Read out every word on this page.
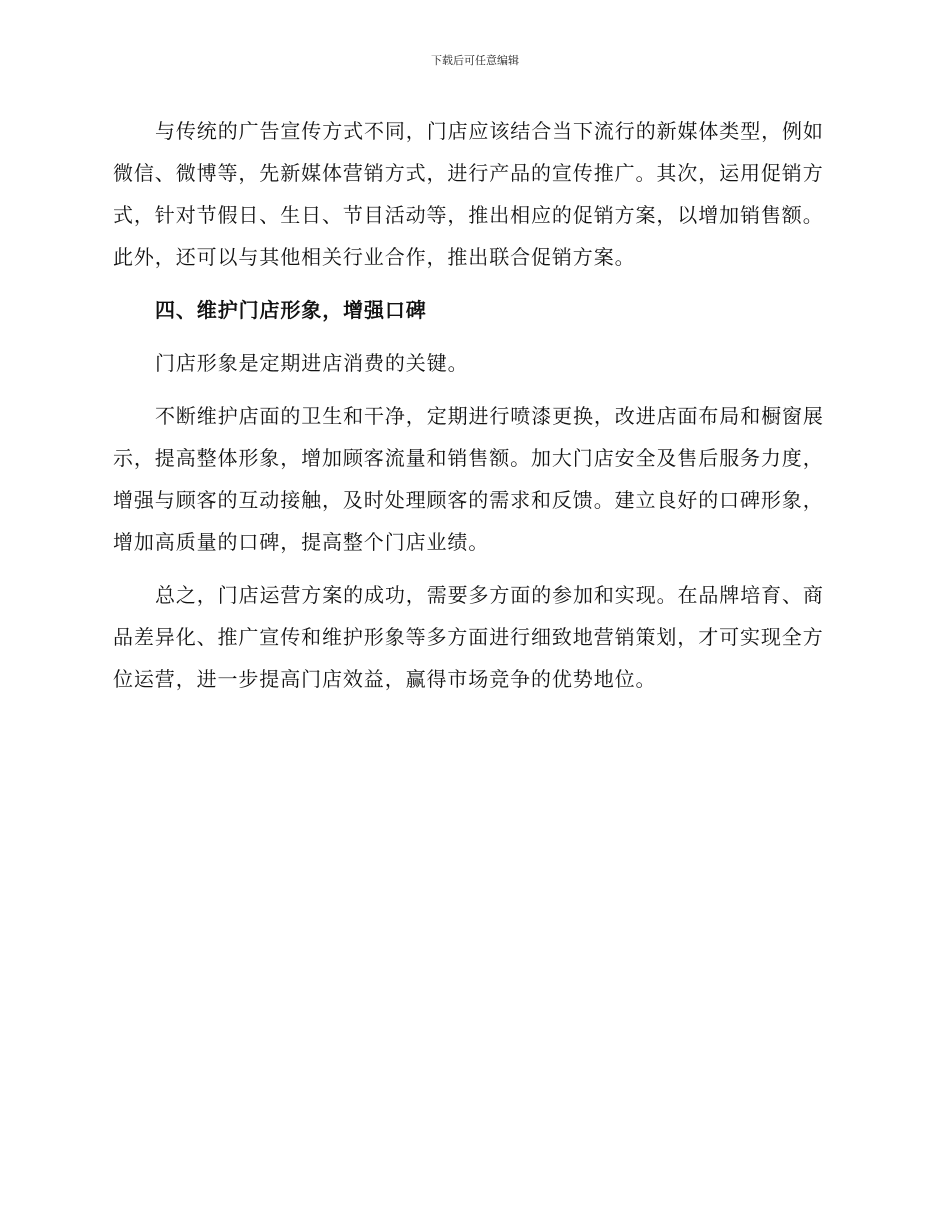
下载后可任意编辑

与传统的广告宣传方式不同，门店应该结合当下流行的新媒体类型，例如微信、微博等，先新媒体营销方式，进行产品的宣传推广。其次，运用促销方式，针对节假日、生日、节目活动等，推出相应的促销方案，以增加销售额。此外，还可以与其他相关行业合作，推出联合促销方案。

四、维护门店形象，增强口碑

门店形象是定期进店消费的关键。

不断维护店面的卫生和干净，定期进行喷漆更换，改进店面布局和橱窗展示，提高整体形象，增加顾客流量和销售额。加大门店安全及售后服务力度，增强与顾客的互动接触，及时处理顾客的需求和反馈。建立良好的口碑形象，增加高质量的口碑，提高整个门店业绩。

总之，门店运营方案的成功，需要多方面的参加和实现。在品牌培育、商品差异化、推广宣传和维护形象等多方面进行细致地营销策划，才可实现全方位运营，进一步提高门店效益，赢得市场竞争的优势地位。
